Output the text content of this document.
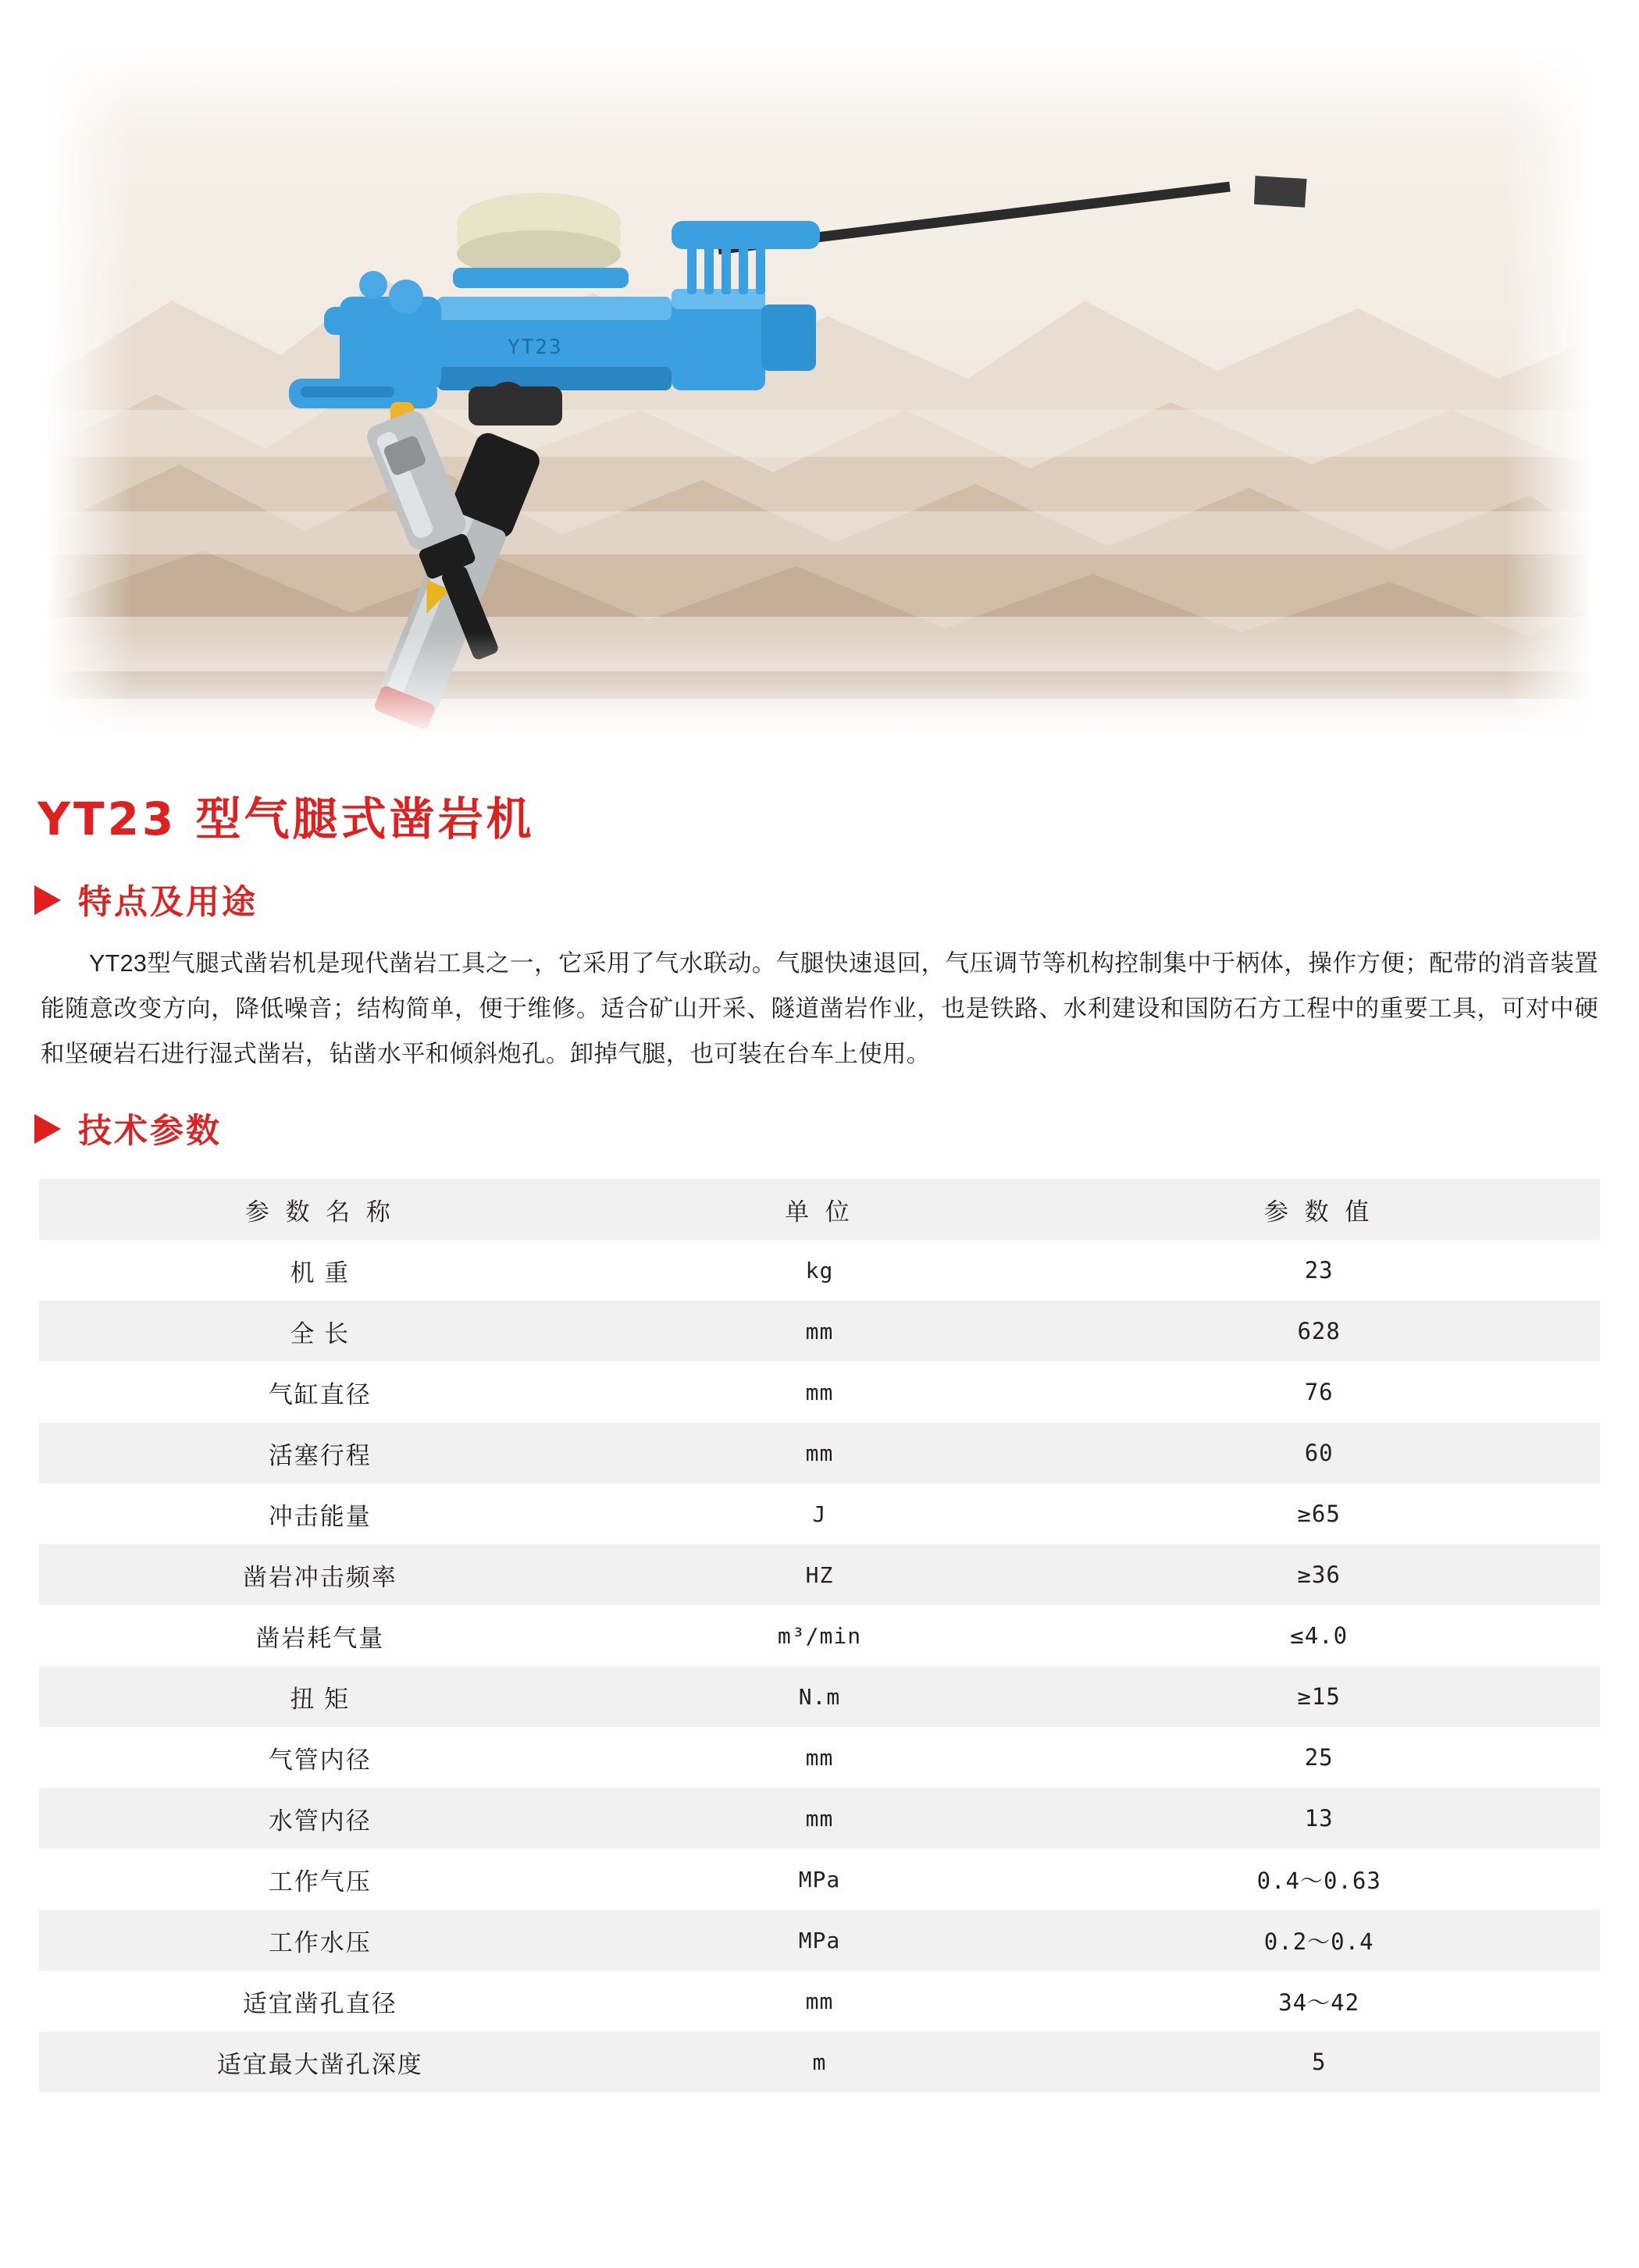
YT23
YT23 型气腿式凿岩机
特点及用途

YT23型气腿式凿岩机是现代凿岩工具之一，它采用了气水联动。气腿快速退回，气压调节等机构控制集中于柄体，操作方便；配带的消音装置能随意改变方向，降低噪音；结构简单，便于维修。适合矿山开采、隧道凿岩作业，也是铁路、水利建设和国防石方工程中的重要工具，可对中硬和坚硬岩石进行湿式凿岩，钻凿水平和倾斜炮孔。卸掉气腿，也可装在台车上使用。

技术参数
参 数 名 称	单 位	参 数 值
机 重	kg	23
全 长	mm	628
气缸直径	mm	76
活塞行程	mm	60
冲击能量	J	≥65
凿岩冲击频率	HZ	≥36
凿岩耗气量	m³/min	≤4.0
扭 矩	N.m	≥15
气管内径	mm	25
水管内径	mm	13
工作气压	MPa	0.4～0.63
工作水压	MPa	0.2～0.4
适宜凿孔直径	mm	34～42
适宜最大凿孔深度	m	5
